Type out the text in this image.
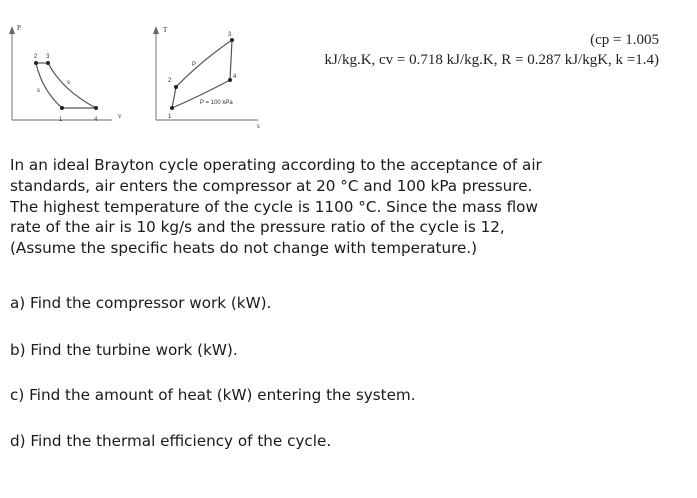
P
v
2 3
s
s
1	4
T
s
3
P
2
4
1
P = 100 kPa
(cp = 1.005
kJ/kg.K, cv = 0.718 kJ/kg.K, R = 0.287 kJ/kgK, k =1.4)
In an ideal Brayton cycle operating according to the acceptance of air standards, air enters the compressor at 20 °C and 100 kPa pressure. The highest temperature of the cycle is 1100 °C. Since the mass flow rate of the air is 10 kg/s and the pressure ratio of the cycle is 12, (Assume the specific heats do not change with temperature.)
a) Find the compressor work (kW).
b) Find the turbine work (kW).
c) Find the amount of heat (kW) entering the system.
d) Find the thermal efficiency of the cycle.
